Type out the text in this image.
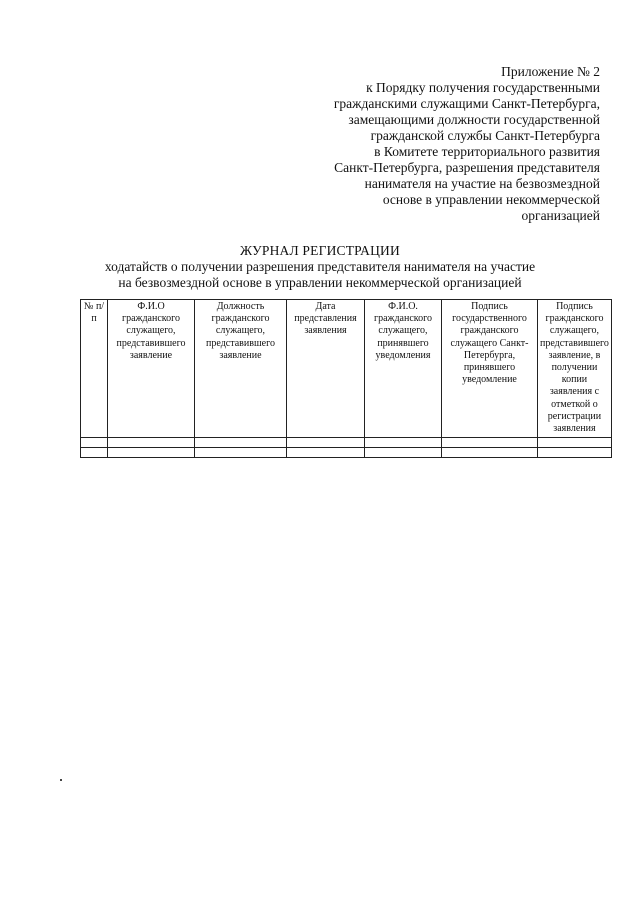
Приложение № 2
к Порядку получения государственными
гражданскими служащими Санкт-Петербурга,
замещающими должности государственной
гражданской службы Санкт-Петербурга
в Комитете территориального развития
Санкт-Петербурга, разрешения представителя
нанимателя на участие на безвозмездной
основе в управлении некоммерческой
организацией
ЖУРНАЛ РЕГИСТРАЦИИ
ходатайств о получении разрешения представителя нанимателя на участие
на безвозмездной основе в управлении некоммерческой организацией
№ п/п	Ф.И.О гражданского служащего, представившего заявление	Должность гражданского служащего, представившего заявление	Дата представления заявления	Ф.И.О. гражданского служащего, принявшего уведомления	Подпись государственного гражданского служащего Санкт-Петербурга, принявшего уведомление	Подпись гражданского служащего, представившего заявление, в получении копии заявления с отметкой о регистрации заявления
